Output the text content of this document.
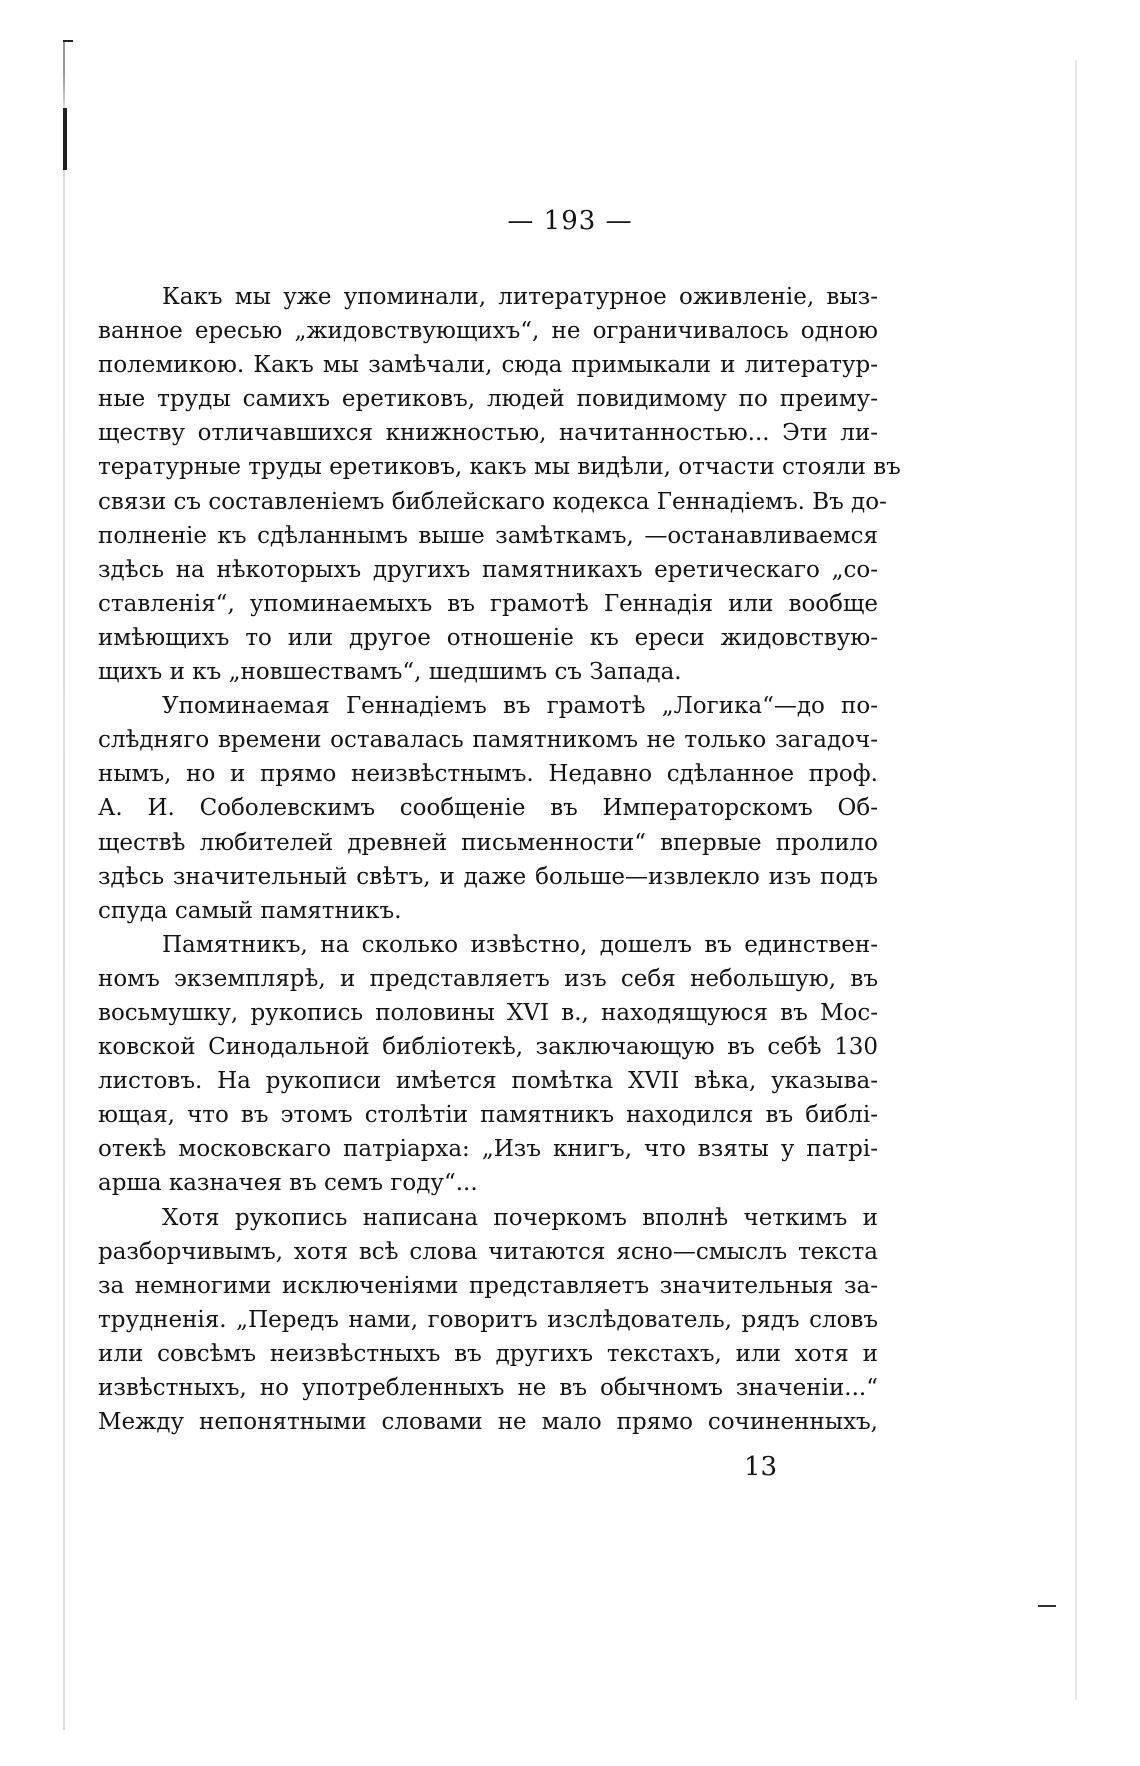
— 193 —
Какъ мы уже упоминали, литературное оживленіе, выз-
ванное ересью „жидовствующихъ“, не ограничивалось одною
полемикою. Какъ мы замѣчали, сюда примыкали и литератур-
ные труды самихъ еретиковъ, людей повидимому по преиму-
ществу отличавшихся книжностью, начитанностью... Эти ли-
тературные труды еретиковъ, какъ мы видѣли, отчасти стояли въ
связи съ составленіемъ библейскаго кодекса Геннадіемъ. Въ до-
полненіе къ сдѣланнымъ выше замѣткамъ, —останавливаемся
здѣсь на нѣкоторыхъ другихъ памятникахъ еретическаго „со-
ставленія“, упоминаемыхъ въ грамотѣ Геннадія или вообще
имѣющихъ то или другое отношеніе къ ереси жидовствую-
щихъ и къ „новшествамъ“, шедшимъ съ Запада.
Упоминаемая Геннадіемъ въ грамотѣ „Логика“—до по-
слѣдняго времени оставалась памятникомъ не только загадоч-
нымъ, но и прямо неизвѣстнымъ. Недавно сдѣланное проф.
А. И. Соболевскимъ сообщеніе въ Императорскомъ Об-
ществѣ любителей древней письменности“ впервые пролило
здѣсь значительный свѣтъ, и даже больше—извлекло изъ подъ
спуда самый памятникъ.
Памятникъ, на сколько извѣстно, дошелъ въ единствен-
номъ экземплярѣ, и представляетъ изъ себя небольшую, въ
восьмушку, рукопись половины XVI в., находящуюся въ Мос-
ковской Синодальной библіотекѣ, заключающую въ себѣ 130
листовъ. На рукописи имѣется помѣтка XVII вѣка, указыва-
ющая, что въ этомъ столѣтіи памятникъ находился въ библі-
отекѣ московскаго патріарха: „Изъ книгъ, что взяты у патрі-
арша казначея въ семъ году“...
Хотя рукопись написана почеркомъ вполнѣ четкимъ и
разборчивымъ, хотя всѣ слова читаются ясно—смыслъ текста
за немногими исключеніями представляетъ значительныя за-
трудненія. „Передъ нами, говоритъ изслѣдователь, рядъ словъ
или совсѣмъ неизвѣстныхъ въ другихъ текстахъ, или хотя и
извѣстныхъ, но употребленныхъ не въ обычномъ значеніи...“
Между непонятными словами не мало прямо сочиненныхъ,
13
